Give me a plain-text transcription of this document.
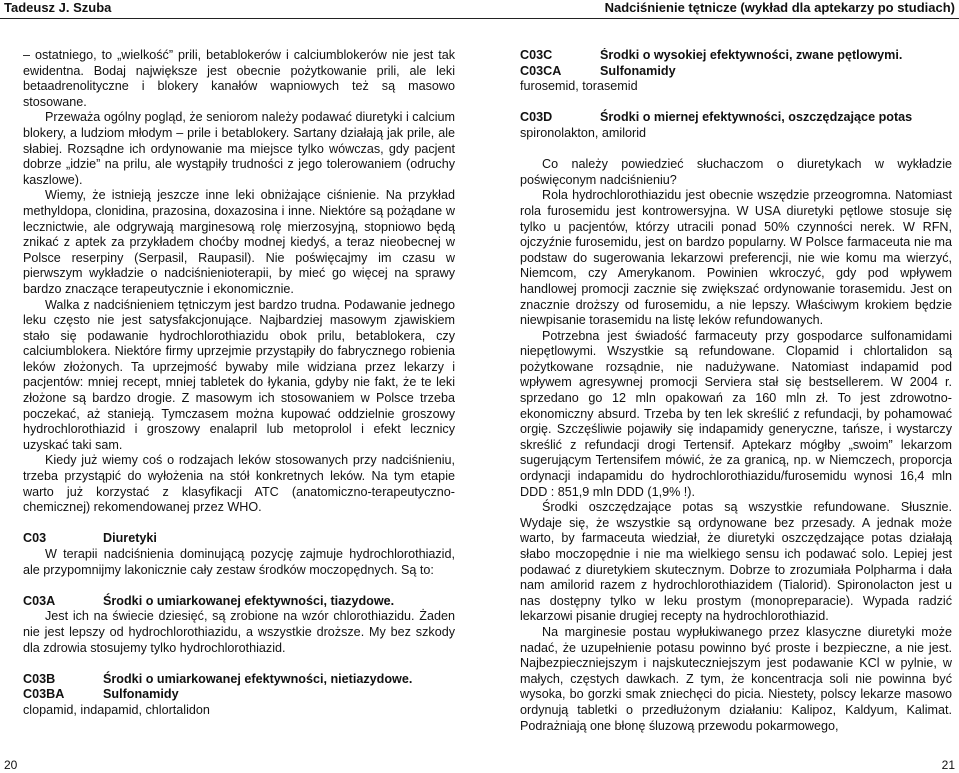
Tadeusz J. Szuba	Nadciśnienie tętnicze (wykład dla aptekarzy po studiach)

– ostatniego, to „wielkość” prili, betablokerów i calciumblokerów nie jest tak ewidentna. Bodaj największe jest obecnie pożytkowanie prili, ale leki betaadrenolityczne i blokery kanałów wapniowych też są masowo stosowane.

Przeważa ogólny pogląd, że seniorom należy podawać diuretyki i calcium blokery, a ludziom młodym – prile i betablokery. Sartany działają jak prile, ale słabiej. Rozsądne ich ordynowanie ma miejsce tylko wówczas, gdy pacjent dobrze „idzie” na prilu, ale wystąpiły trudności z jego tolerowaniem (odruchy kaszlowe).

Wiemy, że istnieją jeszcze inne leki obniżające ciśnienie. Na przykład methyldopa, clonidina, prazosina, doxazosina i inne. Niektóre są pożądane w lecznictwie, ale odgrywają marginesową rolę mierzosyjną, stopniowo będą znikać z aptek za przykładem choćby modnej kiedyś, a teraz nieobecnej w Polsce reserpiny (Serpasil, Raupasil). Nie poświęcajmy im czasu w pierwszym wykładzie o nadciśnienioterapii, by mieć go więcej na sprawy bardzo znaczące terapeutycznie i ekonomicznie.

Walka z nadciśnieniem tętniczym jest bardzo trudna. Podawanie jednego leku często nie jest satysfakcjonujące. Najbardziej masowym zjawiskiem stało się podawanie hydrochlorothiazidu obok prilu, betablokera, czy calciumblokera. Niektóre firmy uprzejmie przystąpiły do fabrycznego robienia leków złożonych. Ta uprzejmość bywaby mile widziana przez lekarzy i pacjentów: mniej recept, mniej tabletek do łykania, gdyby nie fakt, że te leki złożone są bardzo drogie. Z masowym ich stosowaniem w Polsce trzeba poczekać, aż stanieją. Tymczasem można kupować oddzielnie groszowy hydrochlorothiazid i groszowy enalapril lub metoprolol i efekt lecznicy uzyskać taki sam.

Kiedy już wiemy coś o rodzajach leków stosowanych przy nadciśnieniu, trzeba przystąpić do wyłożenia na stół konkretnych leków. Na tym etapie warto już korzystać z klasyfikacji ATC (anatomiczno-terapeutyczno-chemicznej) rekomendowanej przez WHO.

C03	Diuretyki

W terapii nadciśnienia dominującą pozycję zajmuje hydrochlorothiazid, ale przypomnijmy lakonicznie cały zestaw środków moczopędnych. Są to:

C03A	Środki o umiarkowanej efektywności, tiazydowe.

Jest ich na świecie dziesięć, są zrobione na wzór chlorothiazidu. Żaden nie jest lepszy od hydrochlorothiazidu, a wszystkie droższe. My bez szkody dla zdrowia stosujemy tylko hydrochlorothiazid.

C03B	Środki o umiarkowanej efektywności, nietiazydowe.
C03BA	Sulfonamidy

clopamid, indapamid, chlortalidon

C03C	Środki o wysokiej efektywności, zwane pętlowymi.
C03CA	Sulfonamidy

furosemid, torasemid

C03D	Środki o miernej efektywności, oszczędzające potas

spironolakton, amilorid

Co należy powiedzieć słuchaczom o diuretykach w wykładzie poświęconym nadciśnieniu?

Rola hydrochlorothiazidu jest obecnie wszędzie przeogromna. Natomiast rola furosemidu jest kontrowersyjna. W USA diuretyki pętlowe stosuje się tylko u pacjentów, którzy utracili ponad 50% czynności nerek. W RFN, ojczyźnie furosemidu, jest on bardzo popularny. W Polsce farmaceuta nie ma podstaw do sugerowania lekarzowi preferencji, nie wie komu ma wierzyć, Niemcom, czy Amerykanom. Powinien wkroczyć, gdy pod wpływem handlowej promocji zacznie się zwiększać ordynowanie torasemidu. Jest on znacznie droższy od furosemidu, a nie lepszy. Właściwym krokiem będzie niewpisanie torasemidu na listę leków refundowanych.

Potrzebna jest świadość farmaceuty przy gospodarce sulfonamidami niepętlowymi. Wszystkie są refundowane. Clopamid i chlortalidon są pożytkowane rozsądnie, nie nadużywane. Natomiast indapamid pod wpływem agresywnej promocji Serviera stał się bestsellerem. W 2004 r. sprzedano go 12 mln opakowań za 160 mln zł. To jest zdrowotno-ekonomiczny absurd. Trzeba by ten lek skreślić z refundacji, by pohamować orgię. Szczęśliwie pojawiły się indapamidy generyczne, tańsze, i wystarczy skreślić z refundacji drogi Tertensif. Aptekarz mógłby „swoim” lekarzom sugerującym Tertensifem mówić, że za granicą, np. w Niemczech, proporcja ordynacji indapamidu do hydrochlorothiazidu/furosemidu wynosi 16,4 mln DDD : 851,9 mln DDD (1,9% !).

Środki oszczędzające potas są wszystkie refundowane. Słusznie. Wydaje się, że wszystkie są ordynowane bez przesady. A jednak może warto, by farmaceuta wiedział, że diuretyki oszczędzające potas działają słabo moczopędnie i nie ma wielkiego sensu ich podawać solo. Lepiej jest podawać z diuretykiem skutecznym. Dobrze to zrozumiała Polpharma i dała nam amilorid razem z hydrochlorothiazidem (Tialorid). Spironolacton jest u nas dostępny tylko w leku prostym (monopreparacie). Wypada radzić lekarzowi pisanie drugiej recepty na hydrochlorothiazid.

Na marginesie postau wypłukiwanego przez klasyczne diuretyki może nadać, że uzupełnienie potasu powinno być proste i bezpieczne, a nie jest. Najbezpieczniejszym i najskuteczniejszym jest podawanie KCl w pylnie, w małych, częstych dawkach. Z tym, że koncentracja soli nie powinna być wysoka, bo gorzki smak zniechęci do picia. Niestety, polscy lekarze masowo ordynują tabletki o przedłużonym działaniu: Kalipoz, Kaldyum, Kalimat. Podrażniają one błonę śluzową przewodu pokarmowego,

20	21
